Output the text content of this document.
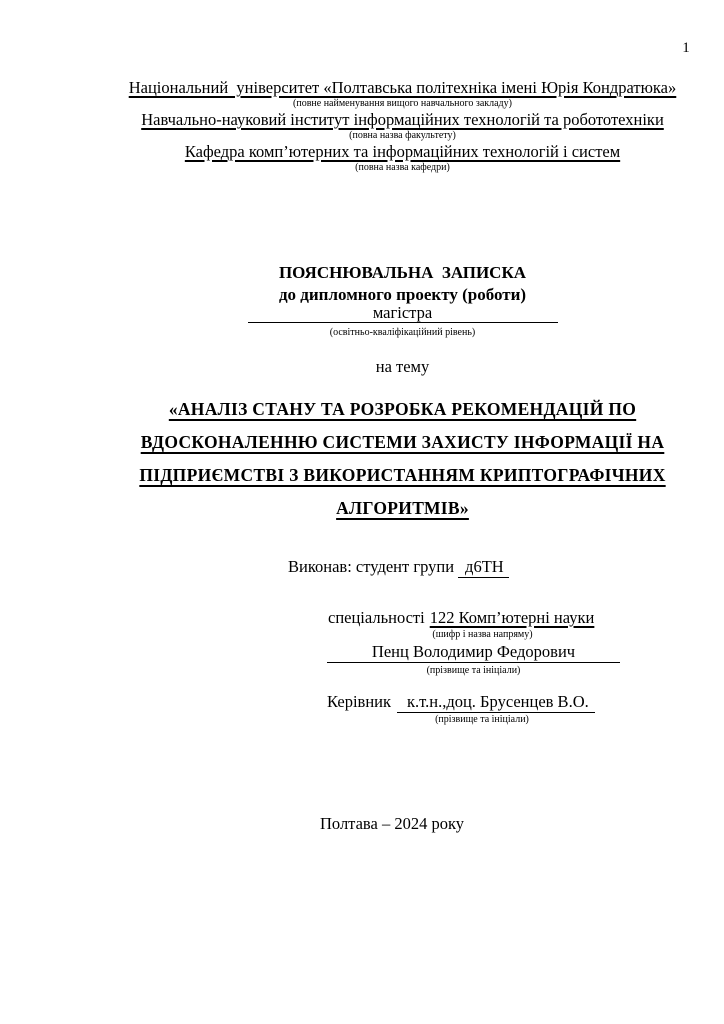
1
Національний  університет «Полтавська політехніка імені Юрія Кондратюка»
(повне найменування вищого навчального закладу)
Навчально-науковий інститут інформаційних технологій та робототехніки
(повна назва факультету)
Кафедра комп’ютерних та інформаційних технологій і систем
(повна назва кафедри)
ПОЯСНЮВАЛЬНА  ЗАПИСКА
до дипломного проекту (роботи)
магістра
(освітньо-кваліфікаційний рівень)
на тему
«АНАЛІЗ СТАНУ ТА РОЗРОБКА РЕКОМЕНДАЦІЙ ПО
ВДОСКОНАЛЕННЮ СИСТЕМИ ЗАХИСТУ ІНФОРМАЦІЇ НА
ПІДПРИЄМСТВІ З ВИКОРИСТАННЯМ КРИПТОГРАФІЧНИХ
АЛГОРИТМІВ»
Виконав: студент групи д6ТН
спеціальності 122 Комп’ютерні науки
(шифр і назва напряму)
Пенц Володимир Федорович
(прізвище та ініціали)
Керівник к.т.н.,доц. Брусенцев В.О.
(прізвище та ініціали)
Полтава – 2024 року
